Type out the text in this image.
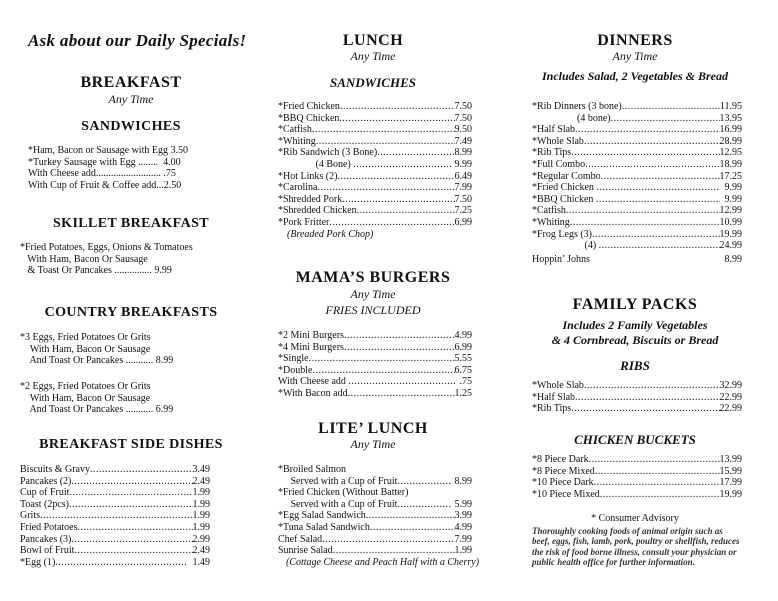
Ask about our Daily Specials!
BREAKFAST
Any Time
SANDWICHES
*Ham, Bacon or Sausage with Egg 3.50
*Turkey Sausage with Egg ........  4.00
With Cheese add.......................... .75
With Cup of Fruit & Coffee add...2.50
SKILLET BREAKFAST
*Fried Potatoes, Eggs, Onions & Tomatoes
With Ham, Bacon Or Sausage
& Toast Or Pancakes ............... 9.99
COUNTRY BREAKFASTS
*3 Eggs, Fried Potatoes Or Grits
With Ham, Bacon Or Sausage
And Toast Or Pancakes ........... 8.99
*2 Eggs, Fried Potatoes Or Grits
With Ham, Bacon Or Sausage
And Toast Or Pancakes ........... 6.99
BREAKFAST SIDE DISHES
Biscuits & Gravy .....	3.49
Pancakes (2) .....	2.49
Cup of Fruit .....	1.99
Toast (2pcs) .....	1.99
Grits .....	1.99
Fried Potatoes .....	1.99
Pancakes (3) .....	2.99
Bowl of Fruit .....	2.49
*Egg (1) .....	1.49
LUNCH
Any Time
SANDWICHES
*Fried Chicken .....	7.50
*BBQ Chicken .....	7.50
*Catfish .....	9.50
*Whiting .....	7.49
*Rib Sandwich (3 Bone) .....	8.99
(4 Bone) .....	9.99
*Hot Links (2) .....	6.49
*Carolina .....	7.99
*Shredded Pork .....	7.50
*Shredded Chicken .....	7.25
*Pork Fritter .....	6.99
(Breaded Pork Chop)
MAMA’S BURGERS
Any Time
FRIES INCLUDED
*2 Mini Burgers .....	4.99
*4 Mini Burgers .....	6.99
*Single .....	5.55
*Double .....	6.75
With Cheese add .....	.75
*With Bacon add .....	1.25
LITE’ LUNCH
Any Time
*Broiled Salmon
Served with a Cup of Fruit .....	8.99
*Fried Chicken (Without Batter)
Served with a Cup of Fruit .....	5.99
*Egg Salad Sandwich .....	3.99
*Tuna Salad Sandwich .....	4.99
Chef Salad .....	7.99
Sunrise Salad .....	1.99
(Cottage Cheese and Peach Half with a Cherry)
DINNERS
Any Time
Includes Salad, 2 Vegetables & Bread
*Rib Dinners (3 bone) .....	11.95
(4 bone) .....	13.95
*Half Slab .....	16.99
*Whole Slab .....	28.99
*Rib Tips .....	12.95
*Full Combo .....	18.99
*Regular Combo .....	17.25
*Fried Chicken .....	9.99
*BBQ Chicken .....	9.99
*Catfish .....	12.99
*Whiting .....	10.99
*Frog Legs (3) .....	19.99
(4) .....	24.99
Hoppin’ Johns	8.99
FAMILY PACKS
Includes 2 Family Vegetables
& 4 Cornbread, Biscuits or Bread
RIBS
*Whole Slab .....	32.99
*Half Slab .....	22.99
*Rib Tips .....	22.99
CHICKEN BUCKETS
*8 Piece Dark .....	13.99
*8 Piece Mixed .....	15.99
*10 Piece Dark .....	17.99
*10 Piece Mixed .....	19.99
* Consumer Advisory
Thoroughly cooking foods of animal origin such as beef, eggs, fish, lamb, pork, poultry or shellfish, reduces the risk of food borne illness, consult your physician or public health office for further information.
